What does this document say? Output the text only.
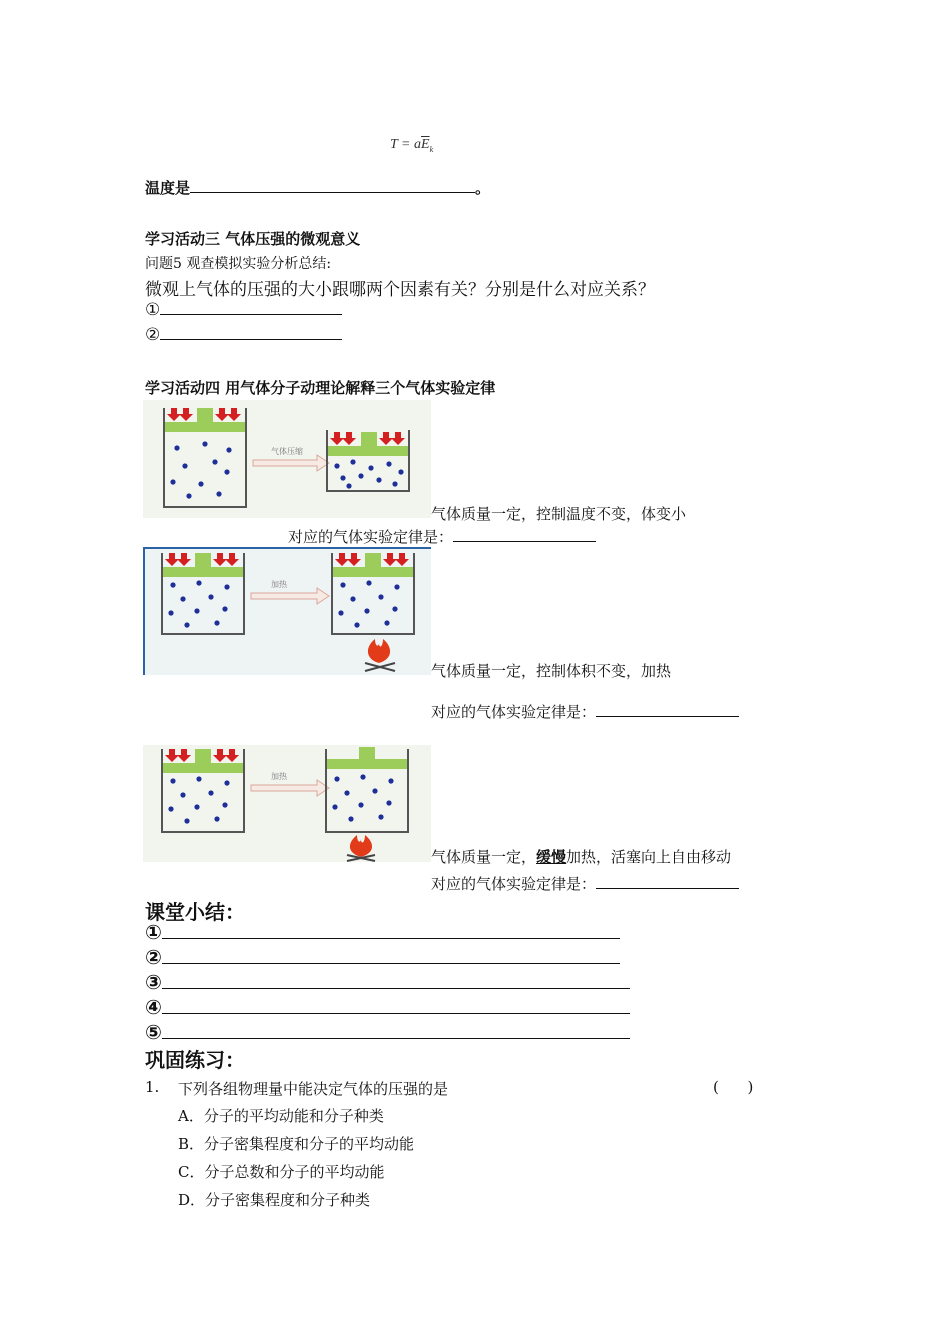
$T = a\overline{E}_k$
温度是	。
学习活动三 气体压强的微观意义
问题5 观查模拟实验分析总结:
微观上气体的压强的大小跟哪两个因素有关？分别是什么对应关系？
①
②
学习活动四 用气体分子动理论解释三个气体实验定律
气体压缩
气体质量一定，控制温度不变，体变小
对应的气体实验定律是：
加热
气体质量一定，控制体积不变，加热
对应的气体实验定律是：
加热
气体质量一定，缓慢加热，活塞向上自由移动
对应的气体实验定律是：
课堂小结：
①
②
③
④
⑤
巩固练习：
1. 下列各组物理量中能决定气体的压强的是	(      )
A．分子的平均动能和分子种类
B．分子密集程度和分子的平均动能
C．分子总数和分子的平均动能
D．分子密集程度和分子种类
